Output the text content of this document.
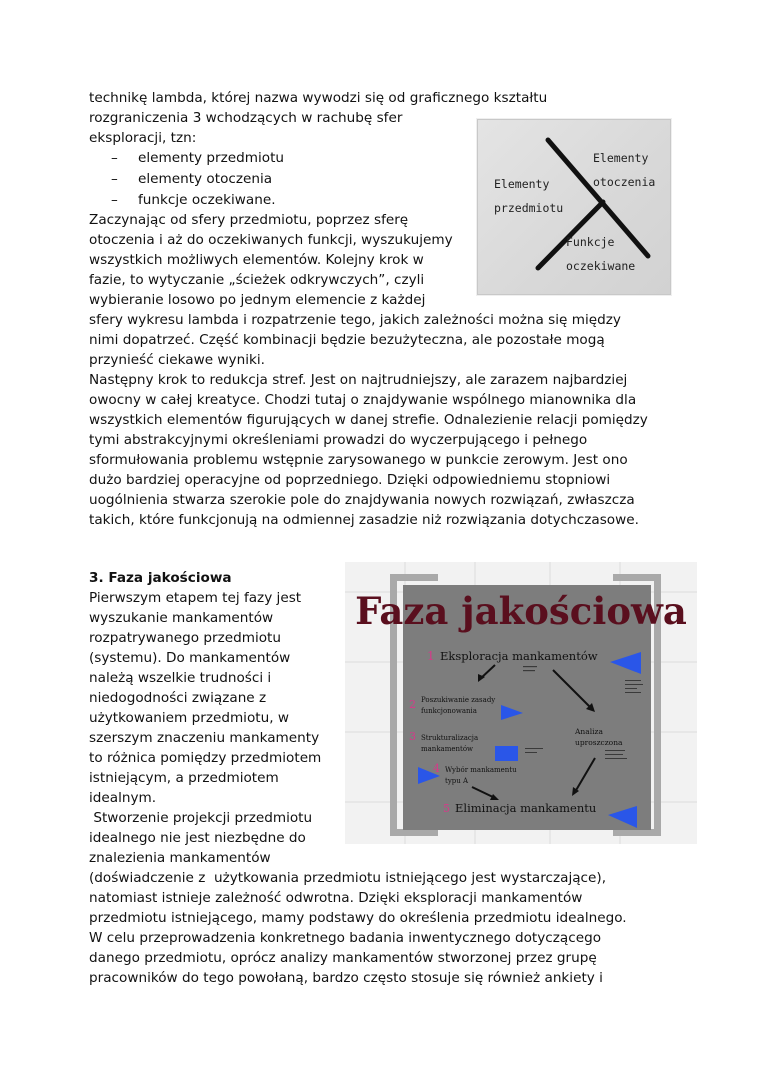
technikę lambda, której nazwa wywodzi się od graficznego kształtu
rozgraniczenia 3 wchodzących w rachubę sfer
eksploracji, tzn:
– elementy przedmiotu
– elementy otoczenia
– funkcje oczekiwane.
Zaczynając od sfery przedmiotu, poprzez sferę
otoczenia i aż do oczekiwanych funkcji, wyszukujemy
wszystkich możliwych elementów. Kolejny krok w
fazie, to wytyczanie „ścieżek odkrywczych”, czyli
wybieranie losowo po jednym elemencie z każdej
sfery wykresu lambda i rozpatrzenie tego, jakich zależności można się między
nimi dopatrzeć. Część kombinacji będzie bezużyteczna, ale pozostałe mogą
przynieść ciekawe wyniki.
Następny krok to redukcja stref. Jest on najtrudniejszy, ale zarazem najbardziej
owocny w całej kreatyce. Chodzi tutaj o znajdywanie wspólnego mianownika dla
wszystkich elementów figurujących w danej strefie. Odnalezienie relacji pomiędzy
tymi abstrakcyjnymi określeniami prowadzi do wyczerpującego i pełnego
sformułowania problemu wstępnie zarysowanego w punkcie zerowym. Jest ono
dużo bardziej operacyjne od poprzedniego. Dzięki odpowiedniemu stopniowi
uogólnienia stwarza szerokie pole do znajdywania nowych rozwiązań, zwłaszcza
takich, które funkcjonują na odmiennej zasadzie niż rozwiązania dotychczasowe.
3. Faza jakościowa
Pierwszym etapem tej fazy jest
wyszukanie mankamentów
rozpatrywanego przedmiotu
(systemu). Do mankamentów
należą wszelkie trudności i
niedogodności związane z
użytkowaniem przedmiotu, w
szerszym znaczeniu mankamenty
to różnica pomiędzy przedmiotem
istniejącym, a przedmiotem
idealnym.
Stworzenie projekcji przedmiotu
idealnego nie jest niezbędne do
znalezienia mankamentów
(doświadczenie z  użytkowania przedmiotu istniejącego jest wystarczające),
natomiast istnieje zależność odwrotna. Dzięki eksploracji mankamentów
przedmiotu istniejącego, mamy podstawy do określenia przedmiotu idealnego.
W celu przeprowadzenia konkretnego badania inwentycznego dotyczącego
danego przedmiotu, oprócz analizy mankamentów stworzonej przez grupę
pracowników do tego powołaną, bardzo często stosuje się również ankiety i
Elementy
przedmiotu
Elementy
otoczenia
Funkcje
oczekiwane
Faza jakościowa
1 Eksploracja mankamentów
2 Poszukiwanie zasady
funkcjonowania
3 Strukturalizacja
mankamentów
4 Wybór mankamentu
typu A
5 Eliminacja mankamentu
Analiza
uproszczona
